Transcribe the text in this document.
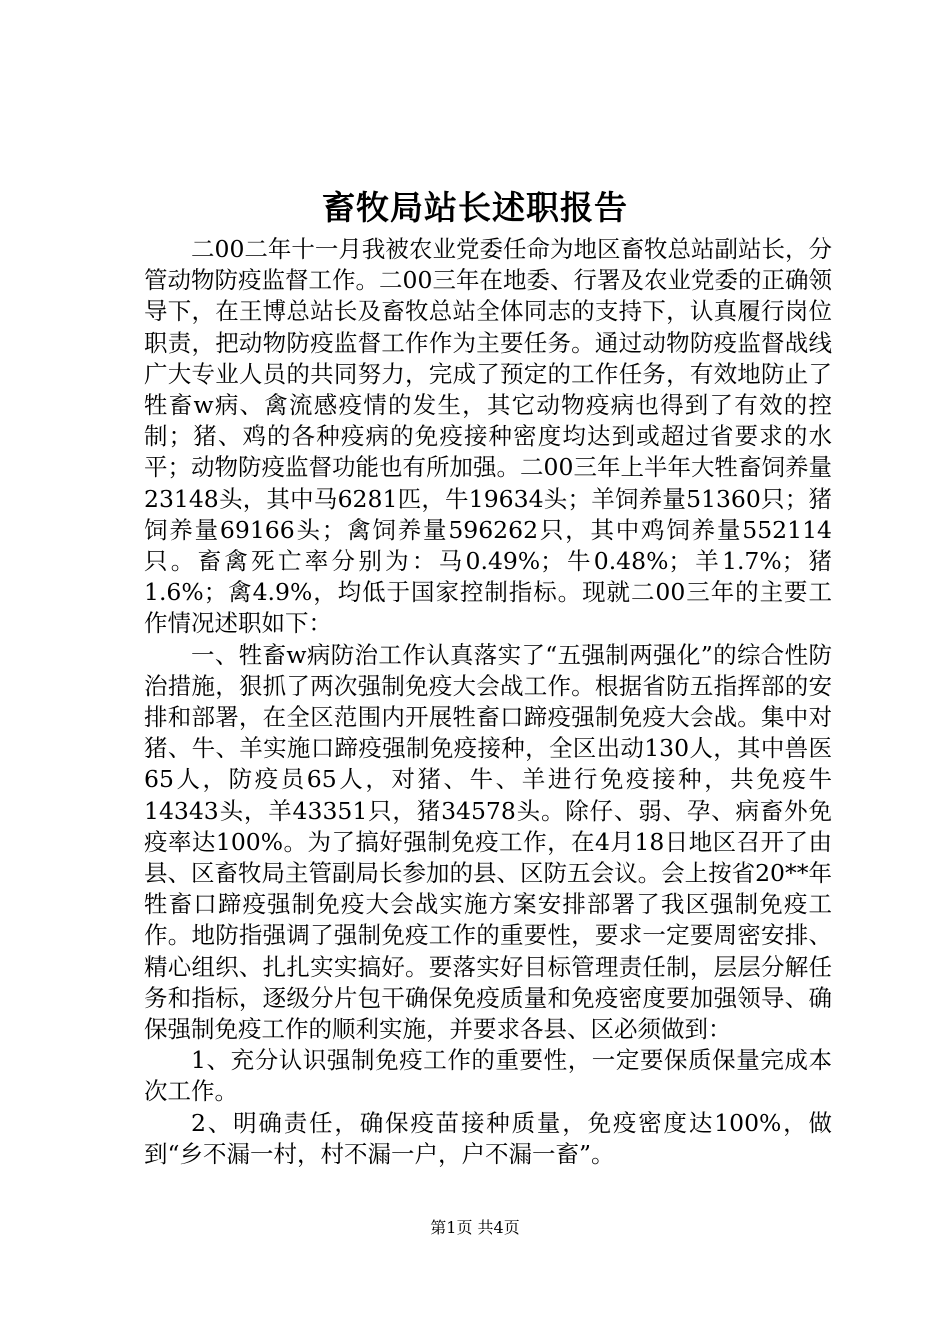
畜牧局站长述职报告

二00二年十一月我被农业党委任命为地区畜牧总站副站长，分管动物防疫监督工作。二00三年在地委、行署及农业党委的正确领导下，在王博总站长及畜牧总站全体同志的支持下，认真履行岗位职责，把动物防疫监督工作作为主要任务。通过动物防疫监督战线广大专业人员的共同努力，完成了预定的工作任务，有效地防止了牲畜w病、禽流感疫情的发生，其它动物疫病也得到了有效的控制；猪、鸡的各种疫病的免疫接种密度均达到或超过省要求的水平；动物防疫监督功能也有所加强。二00三年上半年大牲畜饲养量23148头，其中马6281匹，牛19634头；羊饲养量51360只；猪饲养量69166头；禽饲养量596262只，其中鸡饲养量552114只。畜禽死亡率分别为：马0.49%；牛0.48%；羊1.7%；猪1.6%；禽4.9%，均低于国家控制指标。现就二00三年的主要工作情况述职如下：

一、牲畜w病防治工作认真落实了“五强制两强化”的综合性防治措施，狠抓了两次强制免疫大会战工作。根据省防五指挥部的安排和部署，在全区范围内开展牲畜口蹄疫强制免疫大会战。集中对猪、牛、羊实施口蹄疫强制免疫接种，全区出动130人，其中兽医65人，防疫员65人，对猪、牛、羊进行免疫接种，共免疫牛14343头，羊43351只，猪34578头。除仔、弱、孕、病畜外免疫率达100%。为了搞好强制免疫工作，在4月18日地区召开了由县、区畜牧局主管副局长参加的县、区防五会议。会上按省20**年牲畜口蹄疫强制免疫大会战实施方案安排部署了我区强制免疫工作。地防指强调了强制免疫工作的重要性，要求一定要周密安排、精心组织、扎扎实实搞好。要落实好目标管理责任制，层层分解任务和指标，逐级分片包干确保免疫质量和免疫密度要加强领导、确保强制免疫工作的顺利实施，并要求各县、区必须做到：

1、充分认识强制免疫工作的重要性，一定要保质保量完成本次工作。

2、明确责任，确保疫苗接种质量，免疫密度达100%，做到“乡不漏一村，村不漏一户，户不漏一畜”。

第1页 共4页
